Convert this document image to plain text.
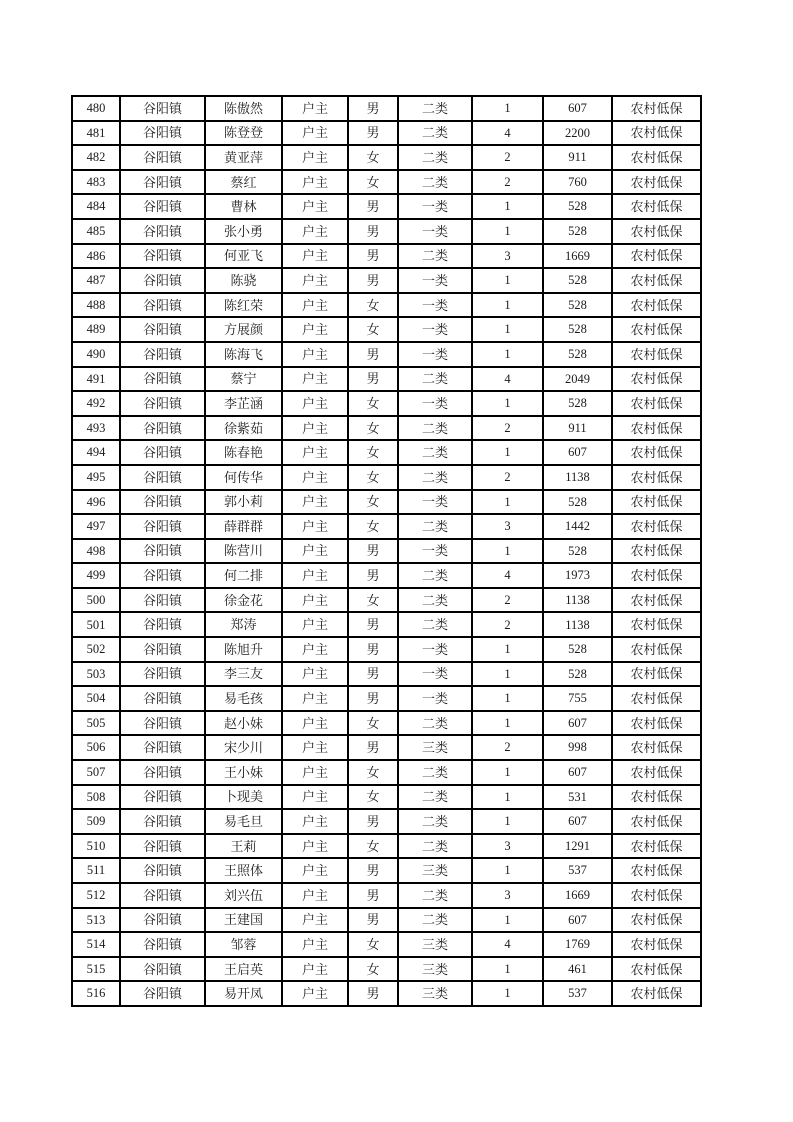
480	谷阳镇	陈傲然	户主	男	二类	1	607	农村低保
481	谷阳镇	陈登登	户主	男	二类	4	2200	农村低保
482	谷阳镇	黄亚萍	户主	女	二类	2	911	农村低保
483	谷阳镇	蔡红	户主	女	二类	2	760	农村低保
484	谷阳镇	曹林	户主	男	一类	1	528	农村低保
485	谷阳镇	张小勇	户主	男	一类	1	528	农村低保
486	谷阳镇	何亚飞	户主	男	二类	3	1669	农村低保
487	谷阳镇	陈骁	户主	男	一类	1	528	农村低保
488	谷阳镇	陈红荣	户主	女	一类	1	528	农村低保
489	谷阳镇	方展颜	户主	女	一类	1	528	农村低保
490	谷阳镇	陈海飞	户主	男	一类	1	528	农村低保
491	谷阳镇	蔡宁	户主	男	二类	4	2049	农村低保
492	谷阳镇	李芷涵	户主	女	一类	1	528	农村低保
493	谷阳镇	徐紫茹	户主	女	二类	2	911	农村低保
494	谷阳镇	陈春艳	户主	女	二类	1	607	农村低保
495	谷阳镇	何传华	户主	女	二类	2	1138	农村低保
496	谷阳镇	郭小莉	户主	女	一类	1	528	农村低保
497	谷阳镇	薛群群	户主	女	二类	3	1442	农村低保
498	谷阳镇	陈营川	户主	男	一类	1	528	农村低保
499	谷阳镇	何二排	户主	男	二类	4	1973	农村低保
500	谷阳镇	徐金花	户主	女	二类	2	1138	农村低保
501	谷阳镇	郑涛	户主	男	二类	2	1138	农村低保
502	谷阳镇	陈旭升	户主	男	一类	1	528	农村低保
503	谷阳镇	李三友	户主	男	一类	1	528	农村低保
504	谷阳镇	易毛孩	户主	男	一类	1	755	农村低保
505	谷阳镇	赵小妹	户主	女	二类	1	607	农村低保
506	谷阳镇	宋少川	户主	男	三类	2	998	农村低保
507	谷阳镇	王小妹	户主	女	二类	1	607	农村低保
508	谷阳镇	卜现美	户主	女	二类	1	531	农村低保
509	谷阳镇	易毛旦	户主	男	二类	1	607	农村低保
510	谷阳镇	王莉	户主	女	二类	3	1291	农村低保
511	谷阳镇	王照体	户主	男	三类	1	537	农村低保
512	谷阳镇	刘兴伍	户主	男	二类	3	1669	农村低保
513	谷阳镇	王建国	户主	男	二类	1	607	农村低保
514	谷阳镇	邹蓉	户主	女	三类	4	1769	农村低保
515	谷阳镇	王启英	户主	女	三类	1	461	农村低保
516	谷阳镇	易开凤	户主	男	三类	1	537	农村低保
